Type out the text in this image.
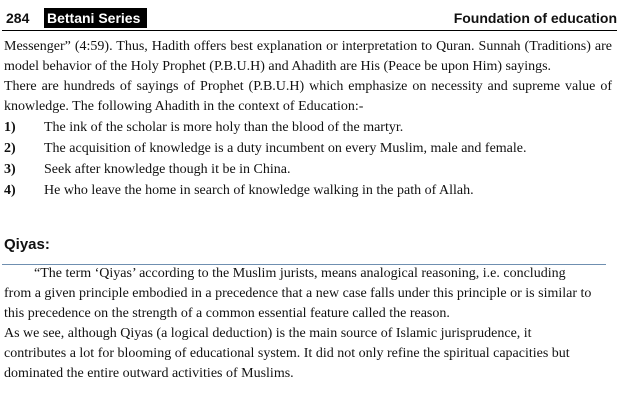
284 Bettani Series	Foundation of education

Messenger” (4:59). Thus, Hadith offers best explanation or interpretation to Quran. Sunnah (Traditions) are model behavior of the Holy Prophet (P.B.U.H) and Ahadith are His (Peace be upon Him) sayings.

There are hundreds of sayings of Prophet (P.B.U.H) which emphasize on necessity and supreme value of knowledge. The following Ahadith in the context of Education:-

1)	The ink of the scholar is more holy than the blood of the martyr.
2)	The acquisition of knowledge is a duty incumbent on every Muslim, male and female.
3)	Seek after knowledge though it be in China.
4)	He who leave the home in search of knowledge walking in the path of Allah.
Qiyas:

“The term ‘Qiyas’ according to the Muslim jurists, means analogical reasoning, i.e. concluding from a given principle embodied in a precedence that a new case falls under this principle or is similar to this precedence on the strength of a common essential feature called the reason.

As we see, although Qiyas (a logical deduction) is the main source of Islamic jurisprudence, it contributes a lot for blooming of educational system. It did not only refine the spiritual capacities but dominated the entire outward activities of Muslims.
